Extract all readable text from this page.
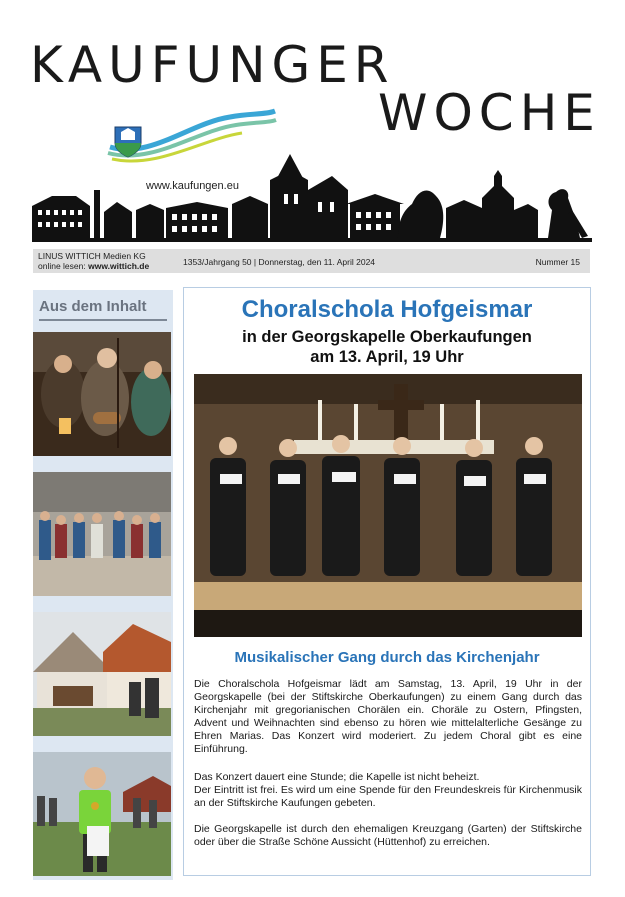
KAUFUNGER
WOCHE
www.kaufungen.eu
LINUS WITTICH Medien KG
online lesen: www.wittich.de	1353/Jahrgang 50 | Donnerstag, den 11. April 2024	Nummer 15
Aus dem Inhalt	Choralschola Hofgeismar
in der Georgskapelle Oberkaufungen
am 13. April, 19 Uhr
Musikalischer Gang durch das Kirchenjahr
Die Choralschola Hofgeismar lädt am Samstag, 13. April, 19 Uhr in der Georgskapelle (bei der Stiftskirche Oberkaufungen) zu einem Gang durch das Kirchenjahr mit gregorianischen Chorälen ein. Choräle zu Ostern, Pfingsten, Advent und Weihnachten sind ebenso zu hören wie mittelalterliche Gesänge zu Ehren Marias. Das Konzert wird moderiert. Zu jedem Choral gibt es eine Einführung.
Das Konzert dauert eine Stunde; die Kapelle ist nicht beheizt.
Der Eintritt ist frei. Es wird um eine Spende für den Freundeskreis für Kirchenmusik an der Stiftskirche Kaufungen gebeten.
Die Georgskapelle ist durch den ehemaligen Kreuzgang (Garten) der Stiftskirche oder über die Straße Schöne Aussicht (Hüttenhof) zu erreichen.
